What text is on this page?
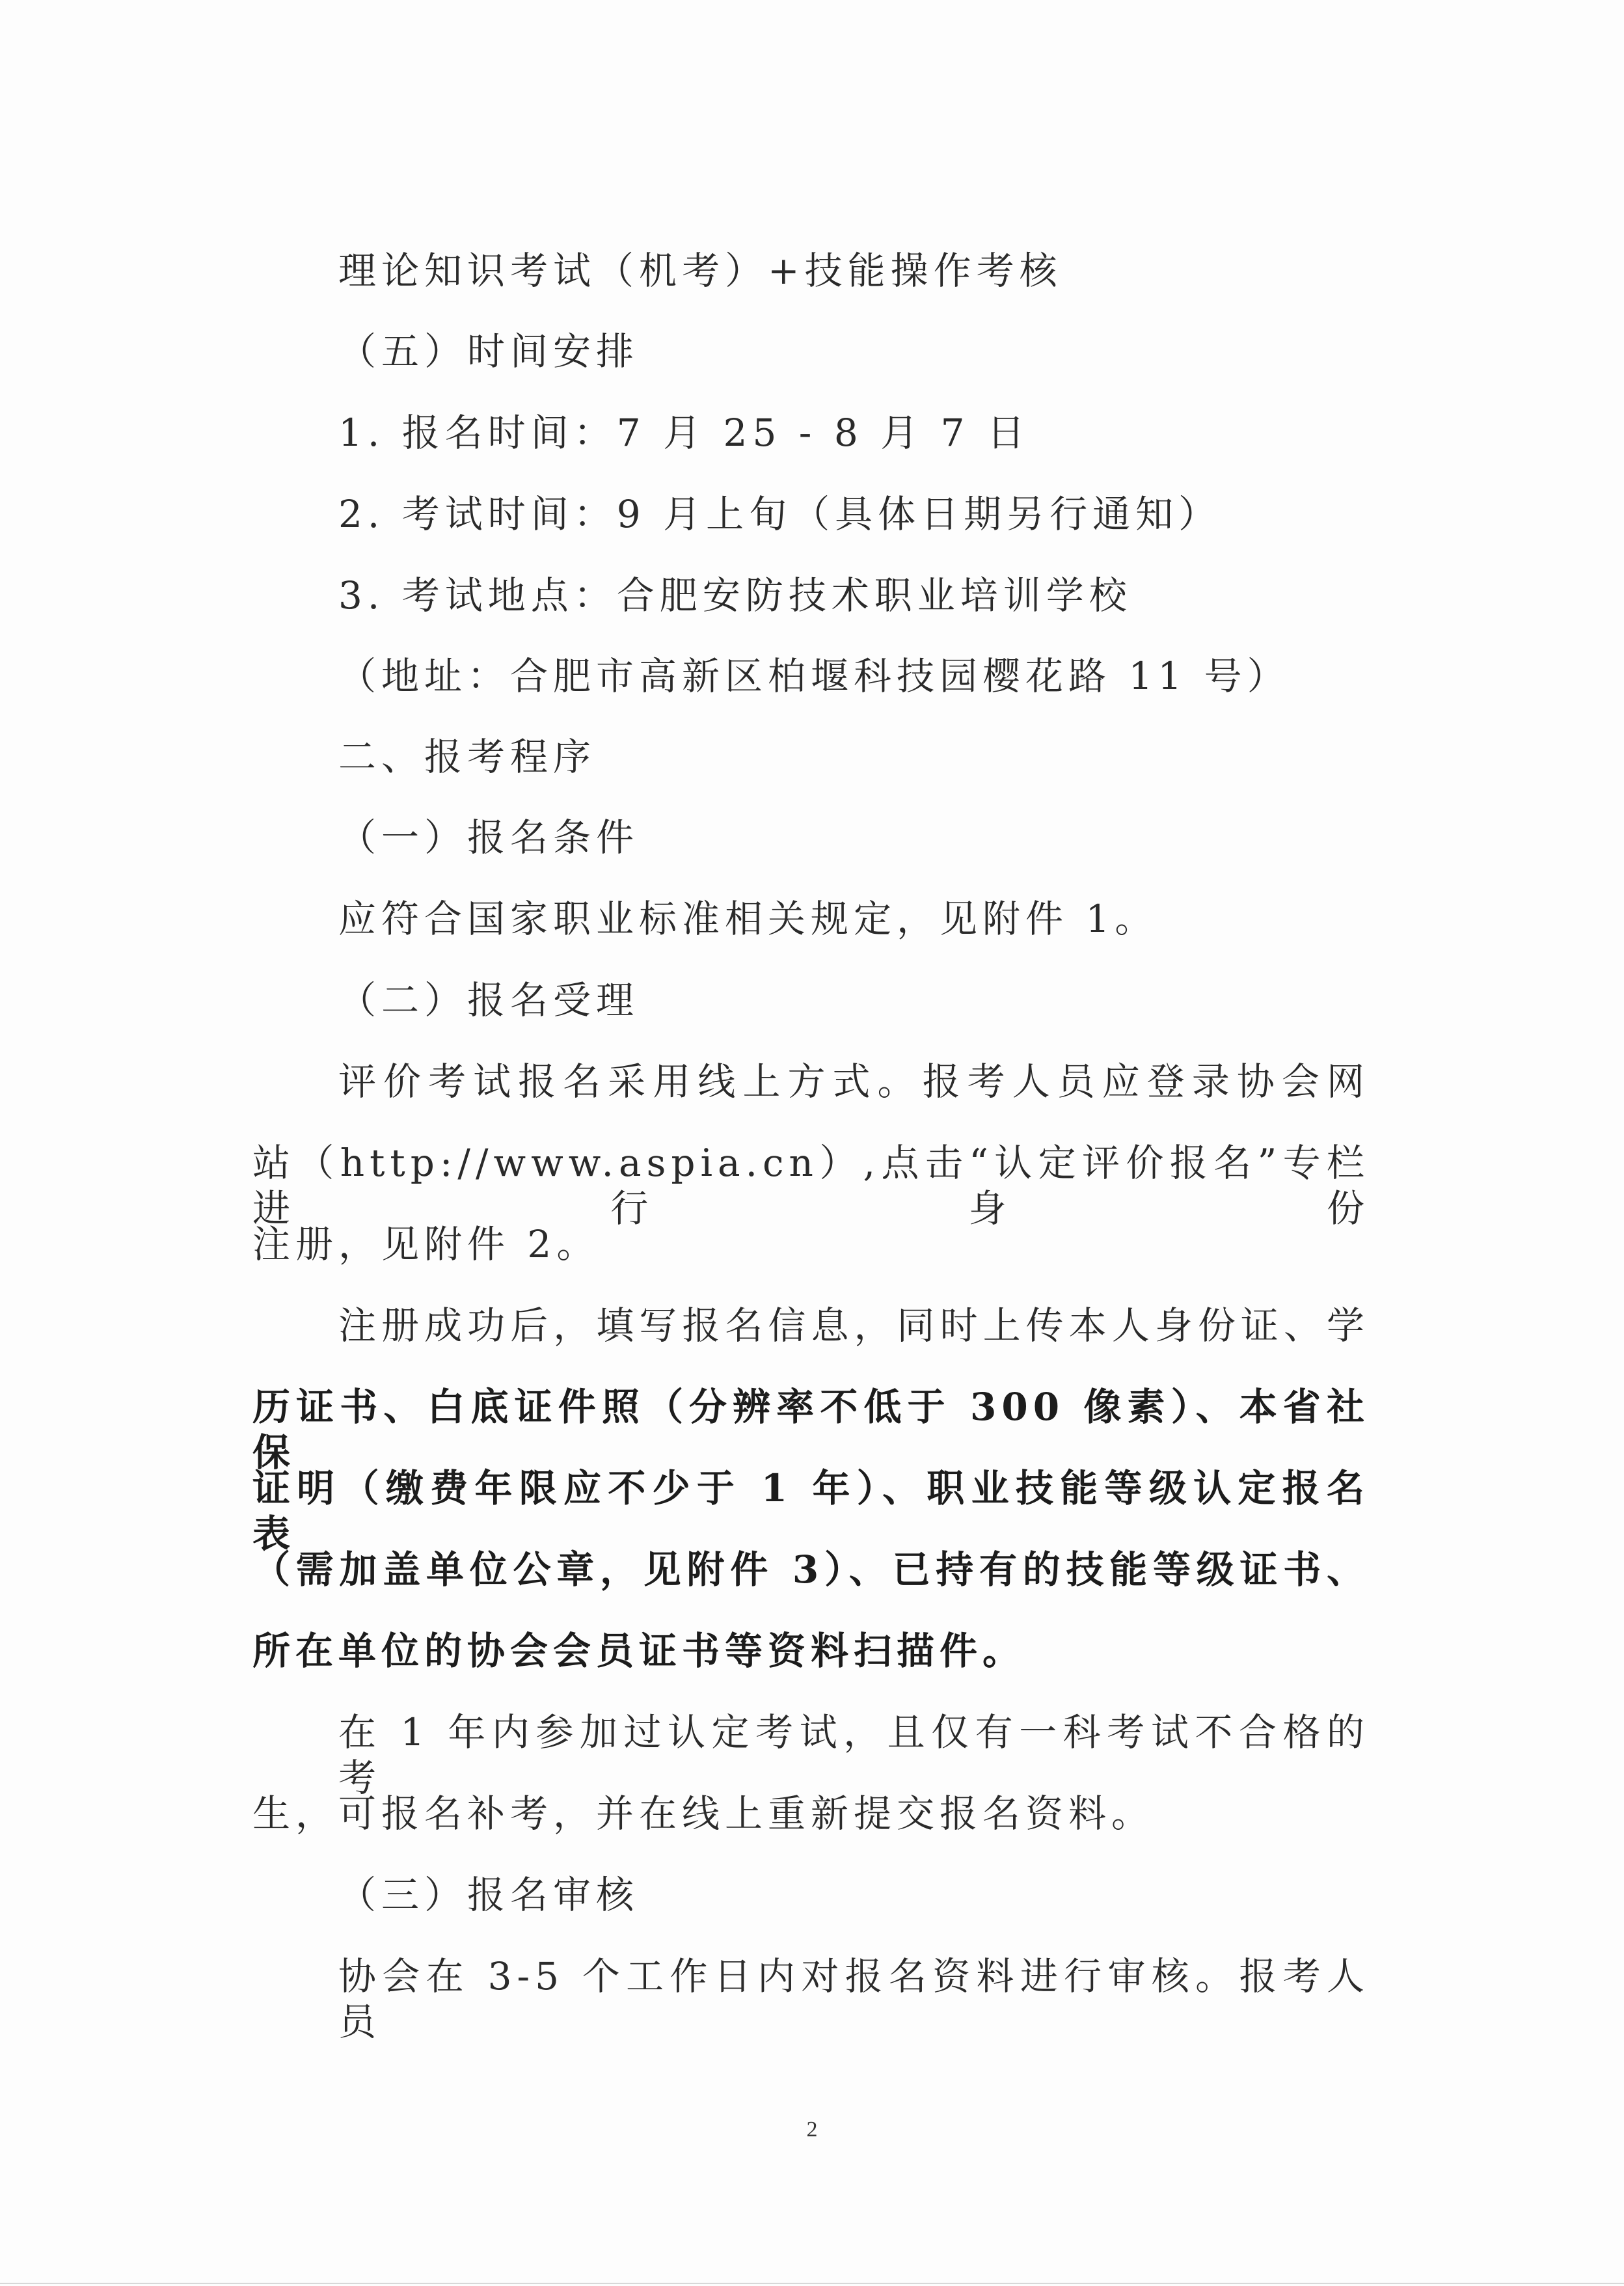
理论知识考试（机考）+技能操作考核
（五）时间安排
1. 报名时间：7 月 25 - 8 月 7 日
2. 考试时间：9 月上旬（具体日期另行通知）
3. 考试地点：合肥安防技术职业培训学校
（地址：合肥市高新区柏堰科技园樱花路 11 号）
二、报考程序
（一）报名条件
应符合国家职业标准相关规定，见附件 1。
（二）报名受理
评价考试报名采用线上方式。报考人员应登录协会网
站（http://www.aspia.cn）,点击“认定评价报名”专栏进行身份
注册，见附件 2。
注册成功后，填写报名信息，同时上传本人身份证、学
历证书、白底证件照（分辨率不低于 300 像素）、本省社保
证明（缴费年限应不少于 1 年）、职业技能等级认定报名表
（需加盖单位公章，见附件 3）、已持有的技能等级证书、
所在单位的协会会员证书等资料扫描件。
在 1 年内参加过认定考试，且仅有一科考试不合格的考
生，可报名补考，并在线上重新提交报名资料。
（三）报名审核
协会在 3-5 个工作日内对报名资料进行审核。报考人员
2
